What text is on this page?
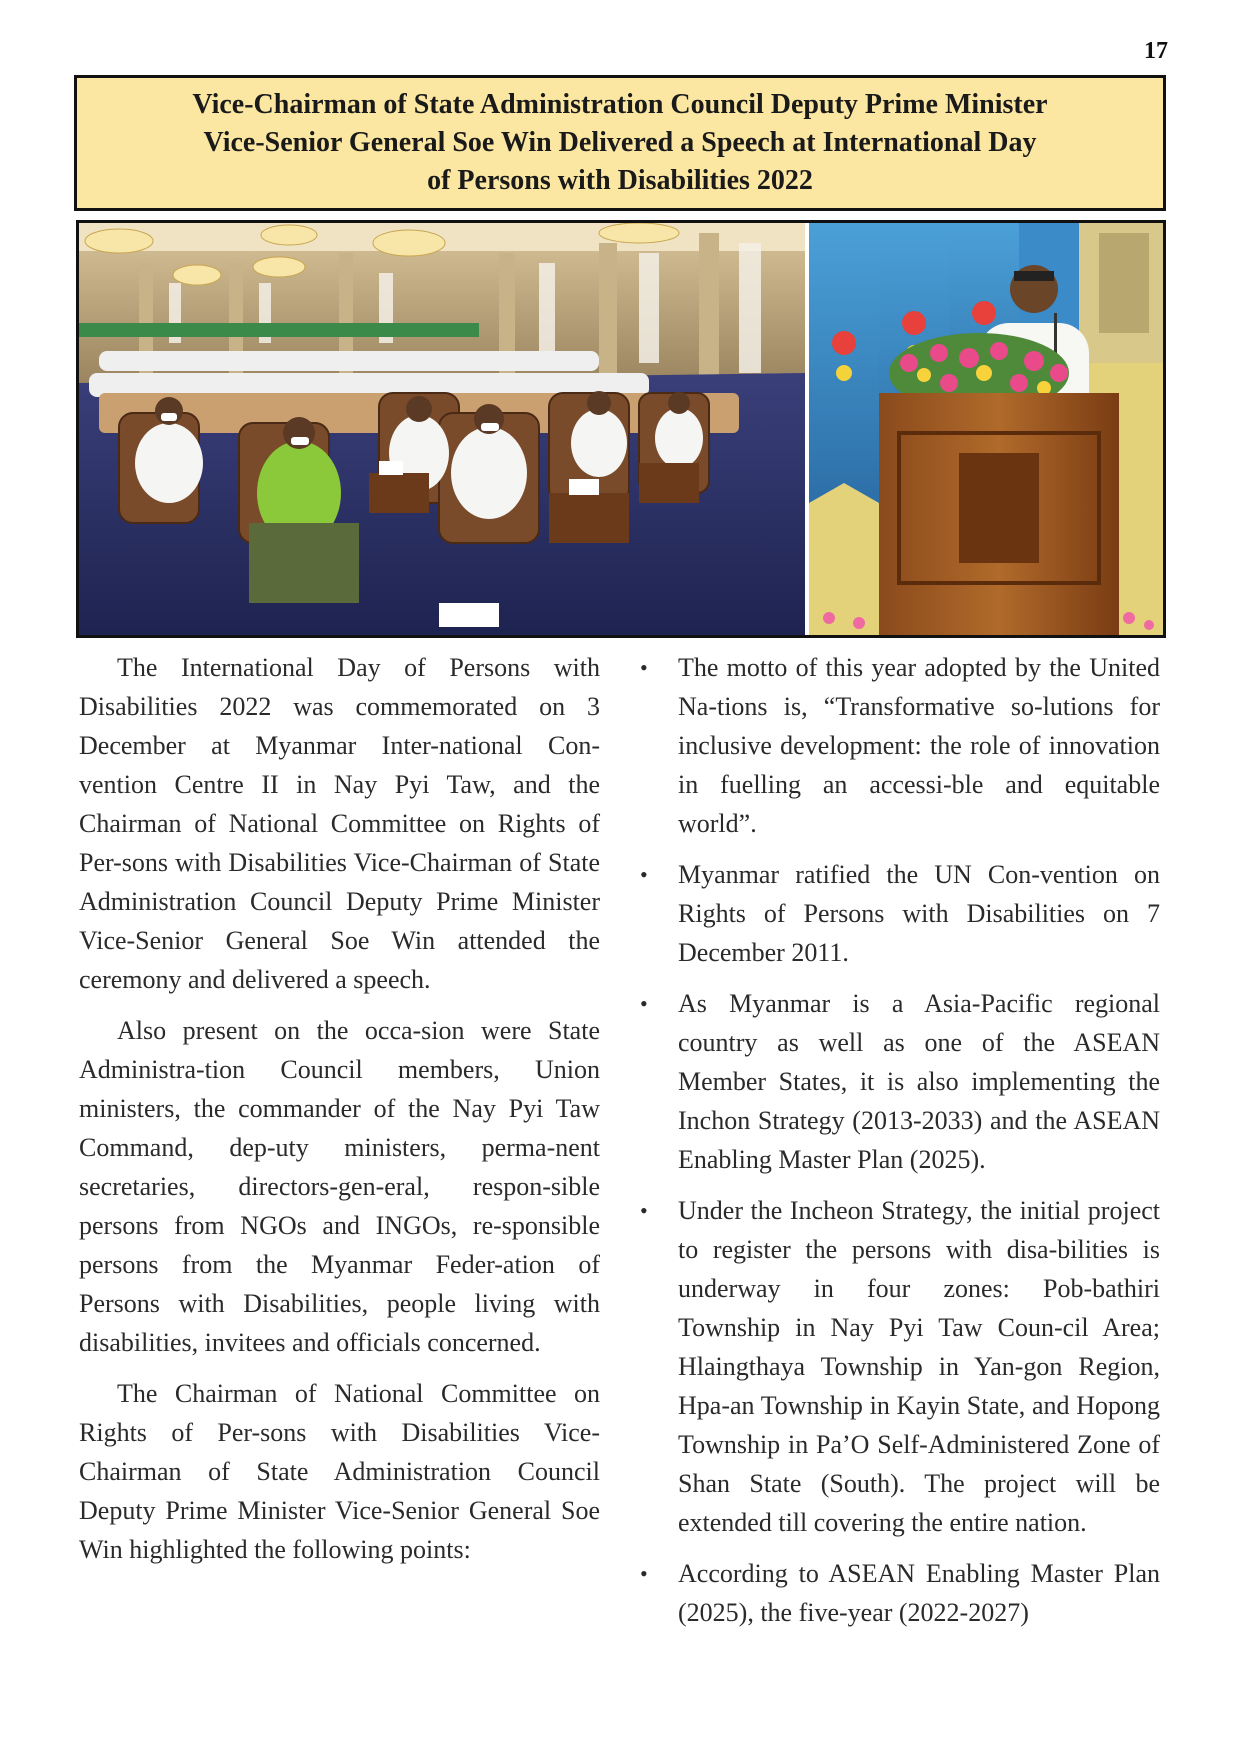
17
Vice-Chairman of State Administration Council Deputy Prime Minister
Vice-Senior General Soe Win Delivered a Speech at International Day
of Persons with Disabilities 2022

The International Day of Persons with Disabilities 2022 was commemorated on 3 December at Myanmar Inter-national Con-vention Centre II in Nay Pyi Taw, and the Chairman of National Committee on Rights of Per-sons with Disabilities Vice-Chairman of State Administration Council Deputy Prime Minister Vice-Senior General Soe Win attended the ceremony and delivered a speech.

Also present on the occa-sion were State Administra-tion Council members, Union ministers, the commander of the Nay Pyi Taw Command, dep-uty ministers, perma-nent secretaries, directors-gen-eral, respon-sible persons from NGOs and INGOs, re-sponsible persons from the Myanmar Feder-ation of Persons with Disabilities, people living with disabilities, invitees and officials concerned.

The Chairman of National Committee on Rights of Per-sons with Disabilities Vice-Chairman of State Administration Council Deputy Prime Minister Vice-Senior General Soe Win highlighted the following points:

• The motto of this year adopted by the United Na-tions is, “Transformative so-lutions for inclusive development: the role of innovation in fuelling an accessi-ble and equitable world”.
• Myanmar ratified the UN Con-vention on Rights of Persons with Disabilities on 7 December 2011.
• As Myanmar is a Asia-Pacific regional country as well as one of the ASEAN Member States, it is also implementing the Inchon Strategy (2013-2033) and the ASEAN Enabling Master Plan (2025).
• Under the Incheon Strategy, the initial project to register the persons with disa-bilities is underway in four zones: Pob-bathiri Township in Nay Pyi Taw Coun-cil Area; Hlaingthaya Township in Yan-gon Region, Hpa-an Township in Kayin State, and Hopong Township in Pa’O Self-Administered Zone of Shan State (South). The project will be extended till covering the entire nation.
• According to ASEAN Enabling Master Plan (2025), the five-year (2022-2027)
